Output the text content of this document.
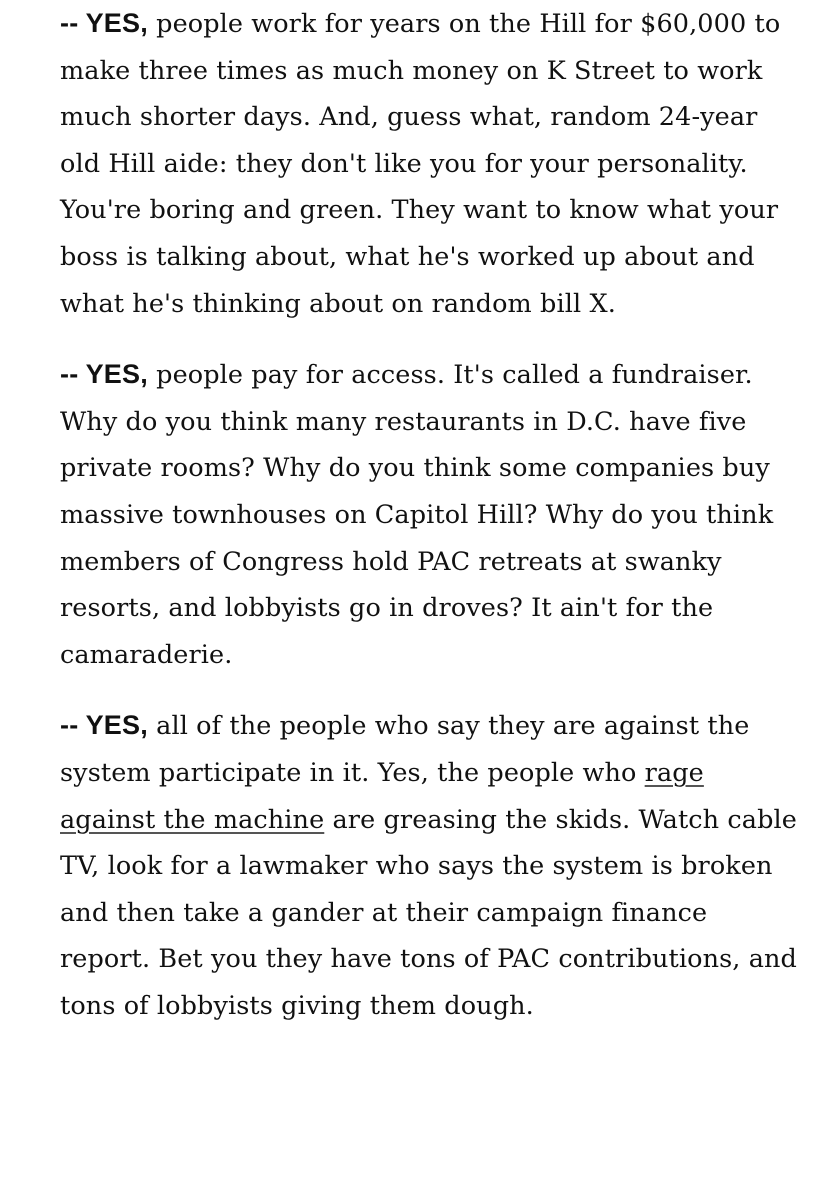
-- YES, people work for years on the Hill for $60,000 to make three times as much money on K Street to work much shorter days. And, guess what, random 24-year old Hill aide: they don't like you for your personality. You're boring and green. They want to know what your boss is talking about, what he's worked up about and what he's thinking about on random bill X.

-- YES, people pay for access. It's called a fundraiser. Why do you think many restaurants in D.C. have five private rooms? Why do you think some companies buy massive townhouses on Capitol Hill? Why do you think members of Congress hold PAC retreats at swanky resorts, and lobbyists go in droves? It ain't for the camaraderie.

-- YES, all of the people who say they are against the system participate in it. Yes, the people who rage against the machine are greasing the skids. Watch cable TV, look for a lawmaker who says the system is broken and then take a gander at their campaign finance report. Bet you they have tons of PAC contributions, and tons of lobbyists giving them dough.
